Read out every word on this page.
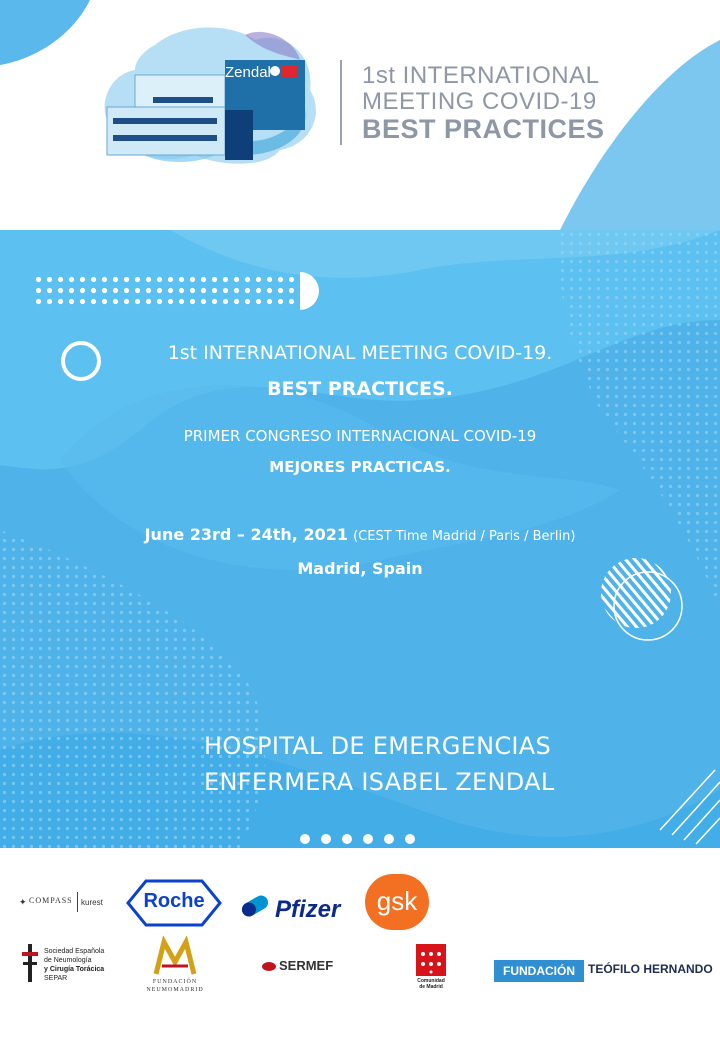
Zendal	1st INTERNATIONAL
MEETING COVID-19
BEST PRACTICES
1st INTERNATIONAL MEETING COVID-19.
BEST PRACTICES.
PRIMER CONGRESO INTERNACIONAL COVID-19
MEJORES PRACTICAS.
June 23rd – 24th, 2021 (CEST Time Madrid / Paris / Berlin)
Madrid, Spain
HOSPITAL DE EMERGENCIAS
ENFERMERA ISABEL ZENDAL
COMPASS
✦	kurest	Roche	Pfizer	gsk
Sociedad Española
de Neumología
y Cirugía Torácica
SEPAR	FUNDACIÓN
NEUMOMADRID
SERMEF
Comunidad
de Madrid
FUNDACIÓN	TEÓFILO HERNANDO
